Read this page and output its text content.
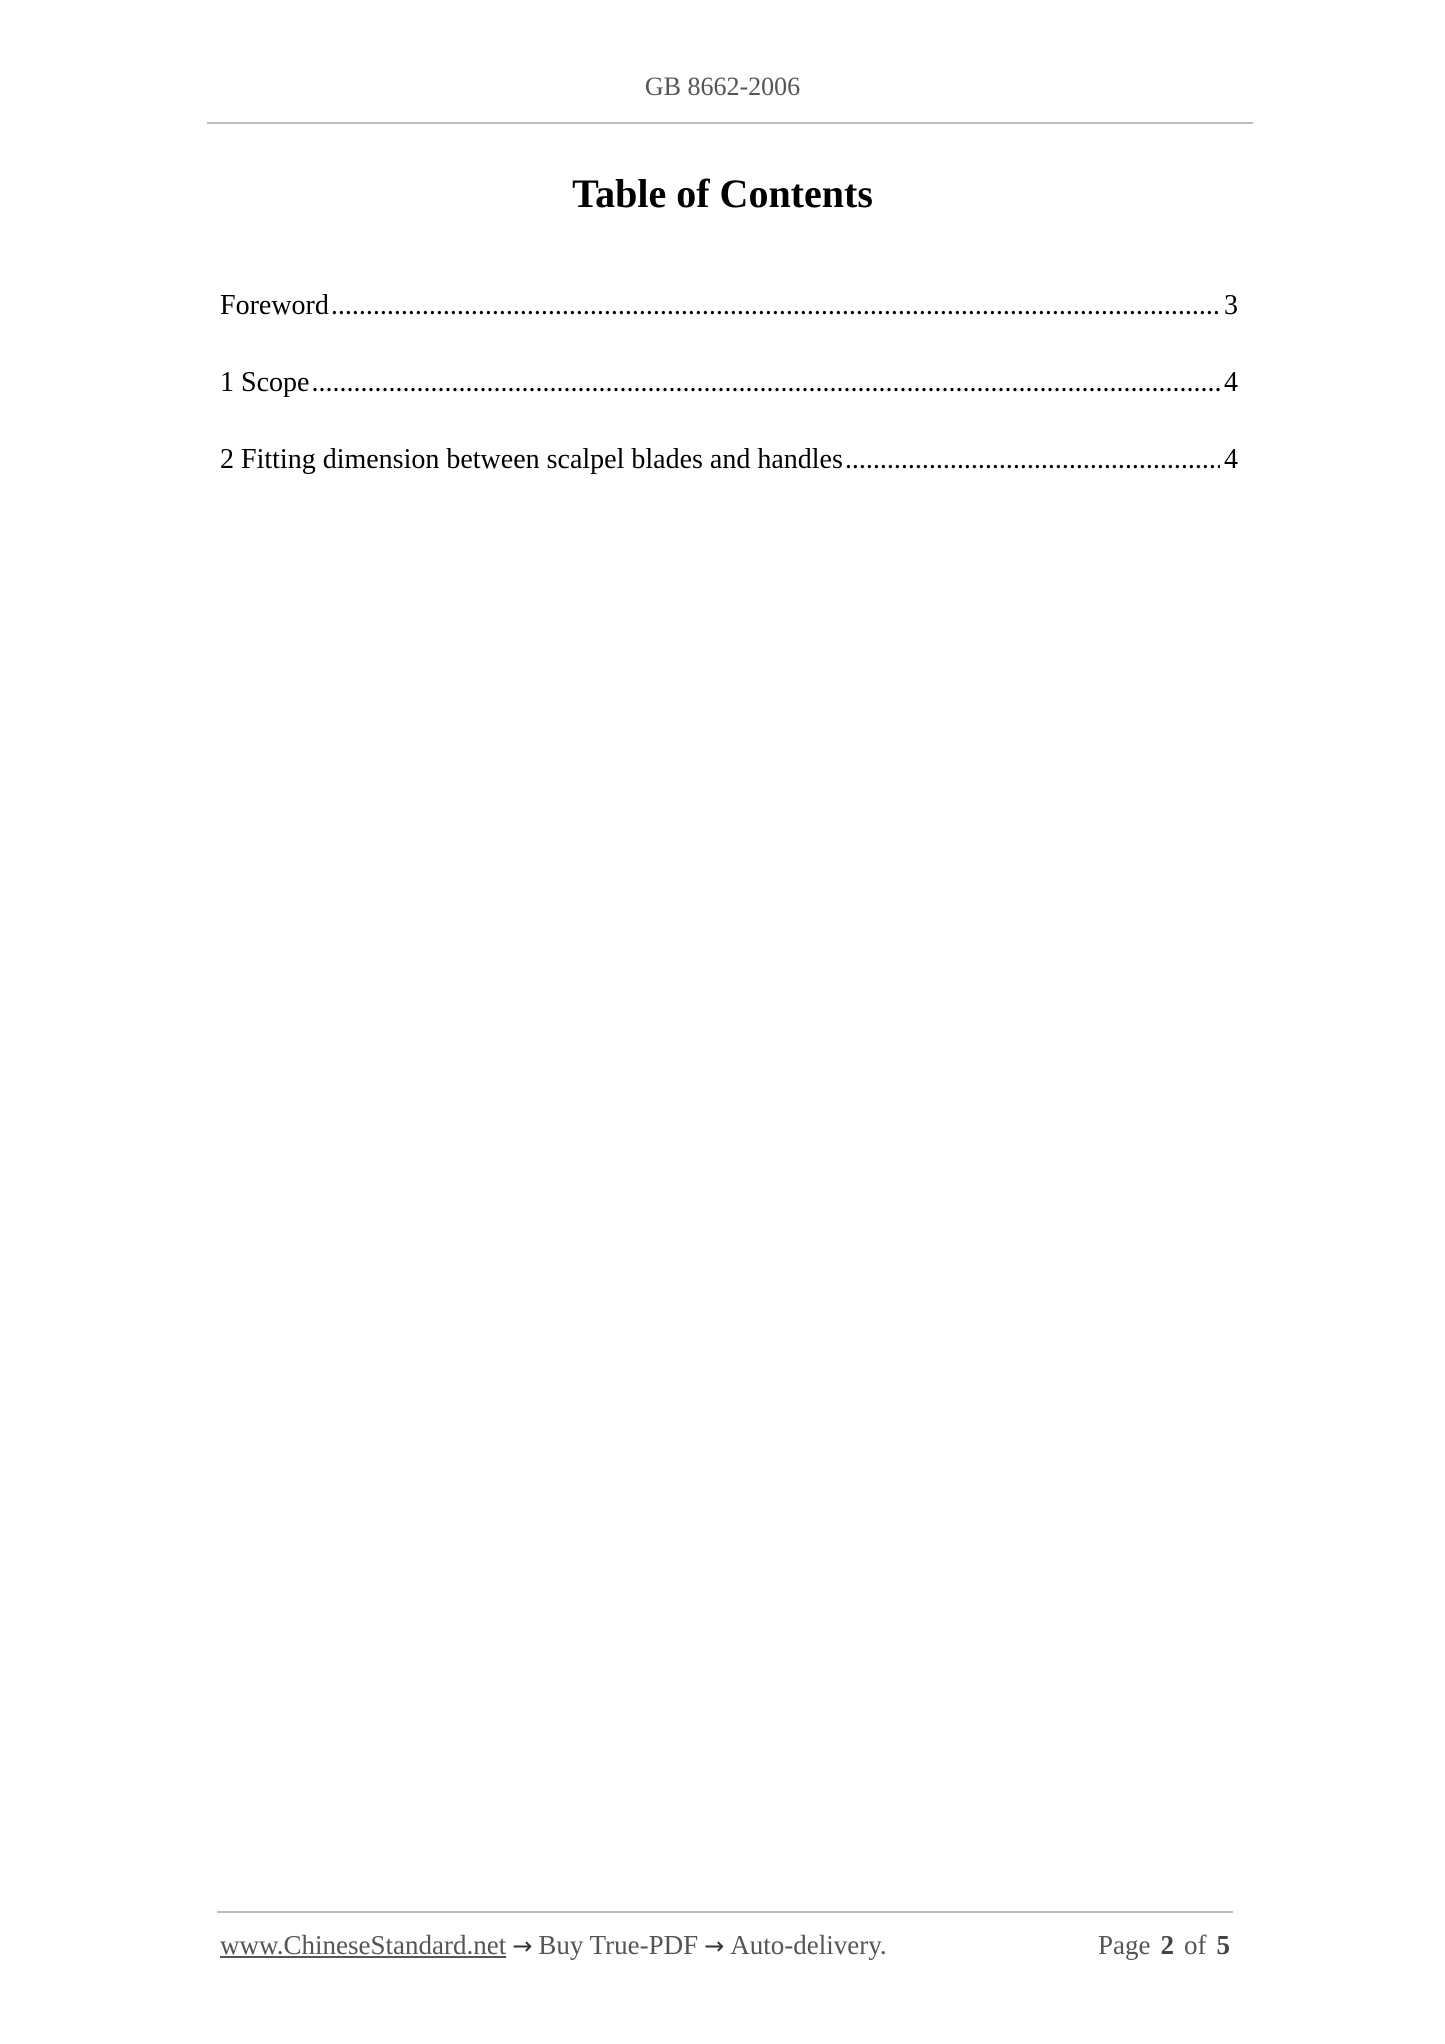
GB 8662-2006
Table of Contents
Foreword .....	3
1 Scope .....	4
2 Fitting dimension between scalpel blades and handles .....	4
www.ChineseStandard.net → Buy True-PDF → Auto-delivery.	Page 2 of 5
